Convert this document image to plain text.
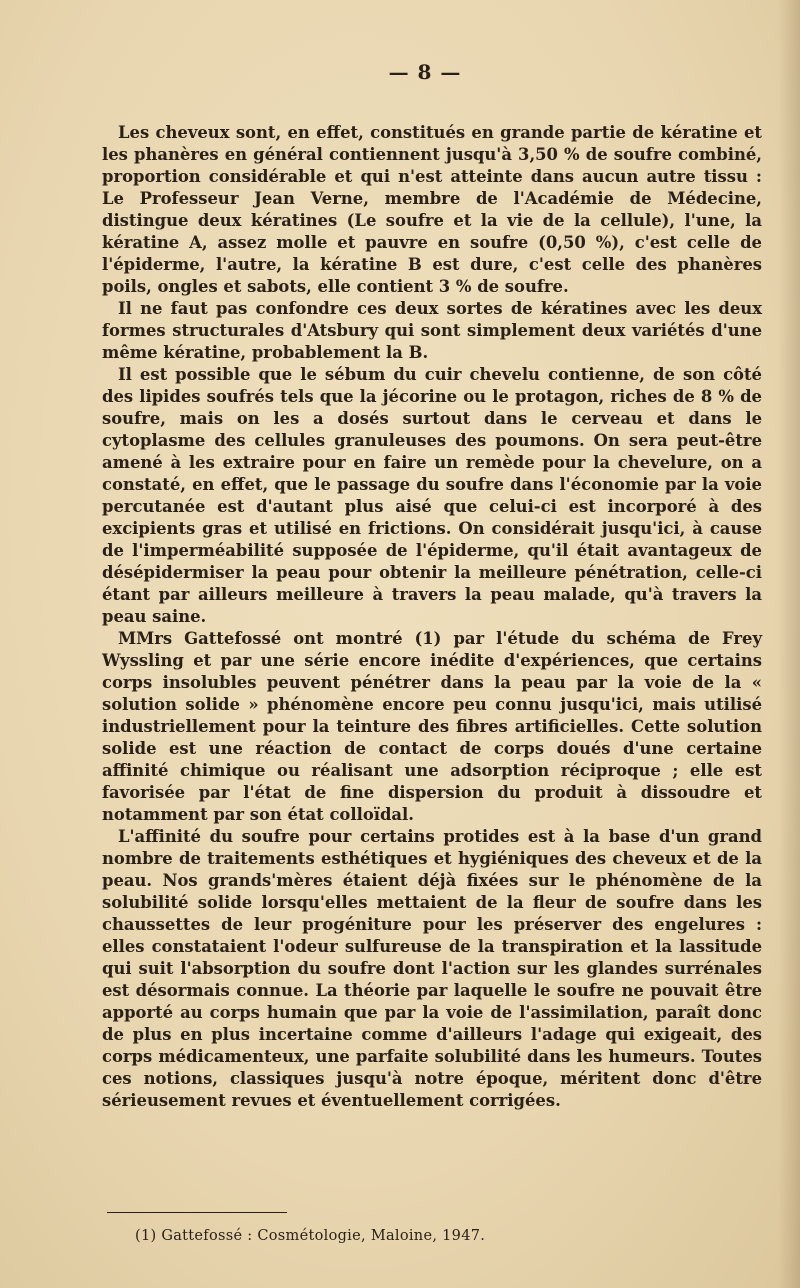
— 8 —

Les cheveux sont, en effet, constitués en grande partie de kératine et les phanères en général contiennent jusqu'à 3,50 % de soufre combiné, proportion considérable et qui n'est atteinte dans aucun autre tissu : Le Professeur Jean Verne, membre de l'Académie de Médecine, distingue deux kératines (Le soufre et la vie de la cellule), l'une, la kératine A, assez molle et pauvre en soufre (0,50 %), c'est celle de l'épiderme, l'autre, la kératine B est dure, c'est celle des phanères poils, ongles et sabots, elle contient 3 % de soufre.

Il ne faut pas confondre ces deux sortes de kératines avec les deux formes structurales d'Atsbury qui sont simplement deux variétés d'une même kératine, probablement la B.

Il est possible que le sébum du cuir chevelu contienne, de son côté des lipides soufrés tels que la jécorine ou le protagon, riches de 8 % de soufre, mais on les a dosés surtout dans le cerveau et dans le cytoplasme des cellules granuleuses des poumons. On sera peut-être amené à les extraire pour en faire un remède pour la chevelure, on a constaté, en effet, que le passage du soufre dans l'économie par la voie percutanée est d'autant plus aisé que celui-ci est incorporé à des excipients gras et utilisé en frictions. On considérait jusqu'ici, à cause de l'imperméabilité supposée de l'épiderme, qu'il était avantageux de désépidermiser la peau pour obtenir la meilleure pénétration, celle-ci étant par ailleurs meilleure à travers la peau malade, qu'à travers la peau saine.

MMrs Gattefossé ont montré (1) par l'étude du schéma de Frey Wyssling et par une série encore inédite d'expériences, que certains corps insolubles peuvent pénétrer dans la peau par la voie de la « solution solide » phénomène encore peu connu jusqu'ici, mais utilisé industriellement pour la teinture des fibres artificielles. Cette solution solide est une réaction de contact de corps doués d'une certaine affinité chimique ou réalisant une adsorption réciproque ; elle est favorisée par l'état de fine dispersion du produit à dissoudre et notamment par son état colloïdal.

L'affinité du soufre pour certains protides est à la base d'un grand nombre de traitements esthétiques et hygiéniques des cheveux et de la peau. Nos grands'mères étaient déjà fixées sur le phénomène de la solubilité solide lorsqu'elles mettaient de la fleur de soufre dans les chaussettes de leur progéniture pour les préserver des engelures : elles constataient l'odeur sulfureuse de la transpiration et la lassitude qui suit l'absorption du soufre dont l'action sur les glandes surrénales est désormais connue. La théorie par laquelle le soufre ne pouvait être apporté au corps humain que par la voie de l'assimilation, paraît donc de plus en plus incertaine comme d'ailleurs l'adage qui exigeait, des corps médicamenteux, une parfaite solubilité dans les humeurs. Toutes ces notions, classiques jusqu'à notre époque, méritent donc d'être sérieusement revues et éventuellement corrigées.

(1) Gattefossé : Cosmétologie, Maloine, 1947.
